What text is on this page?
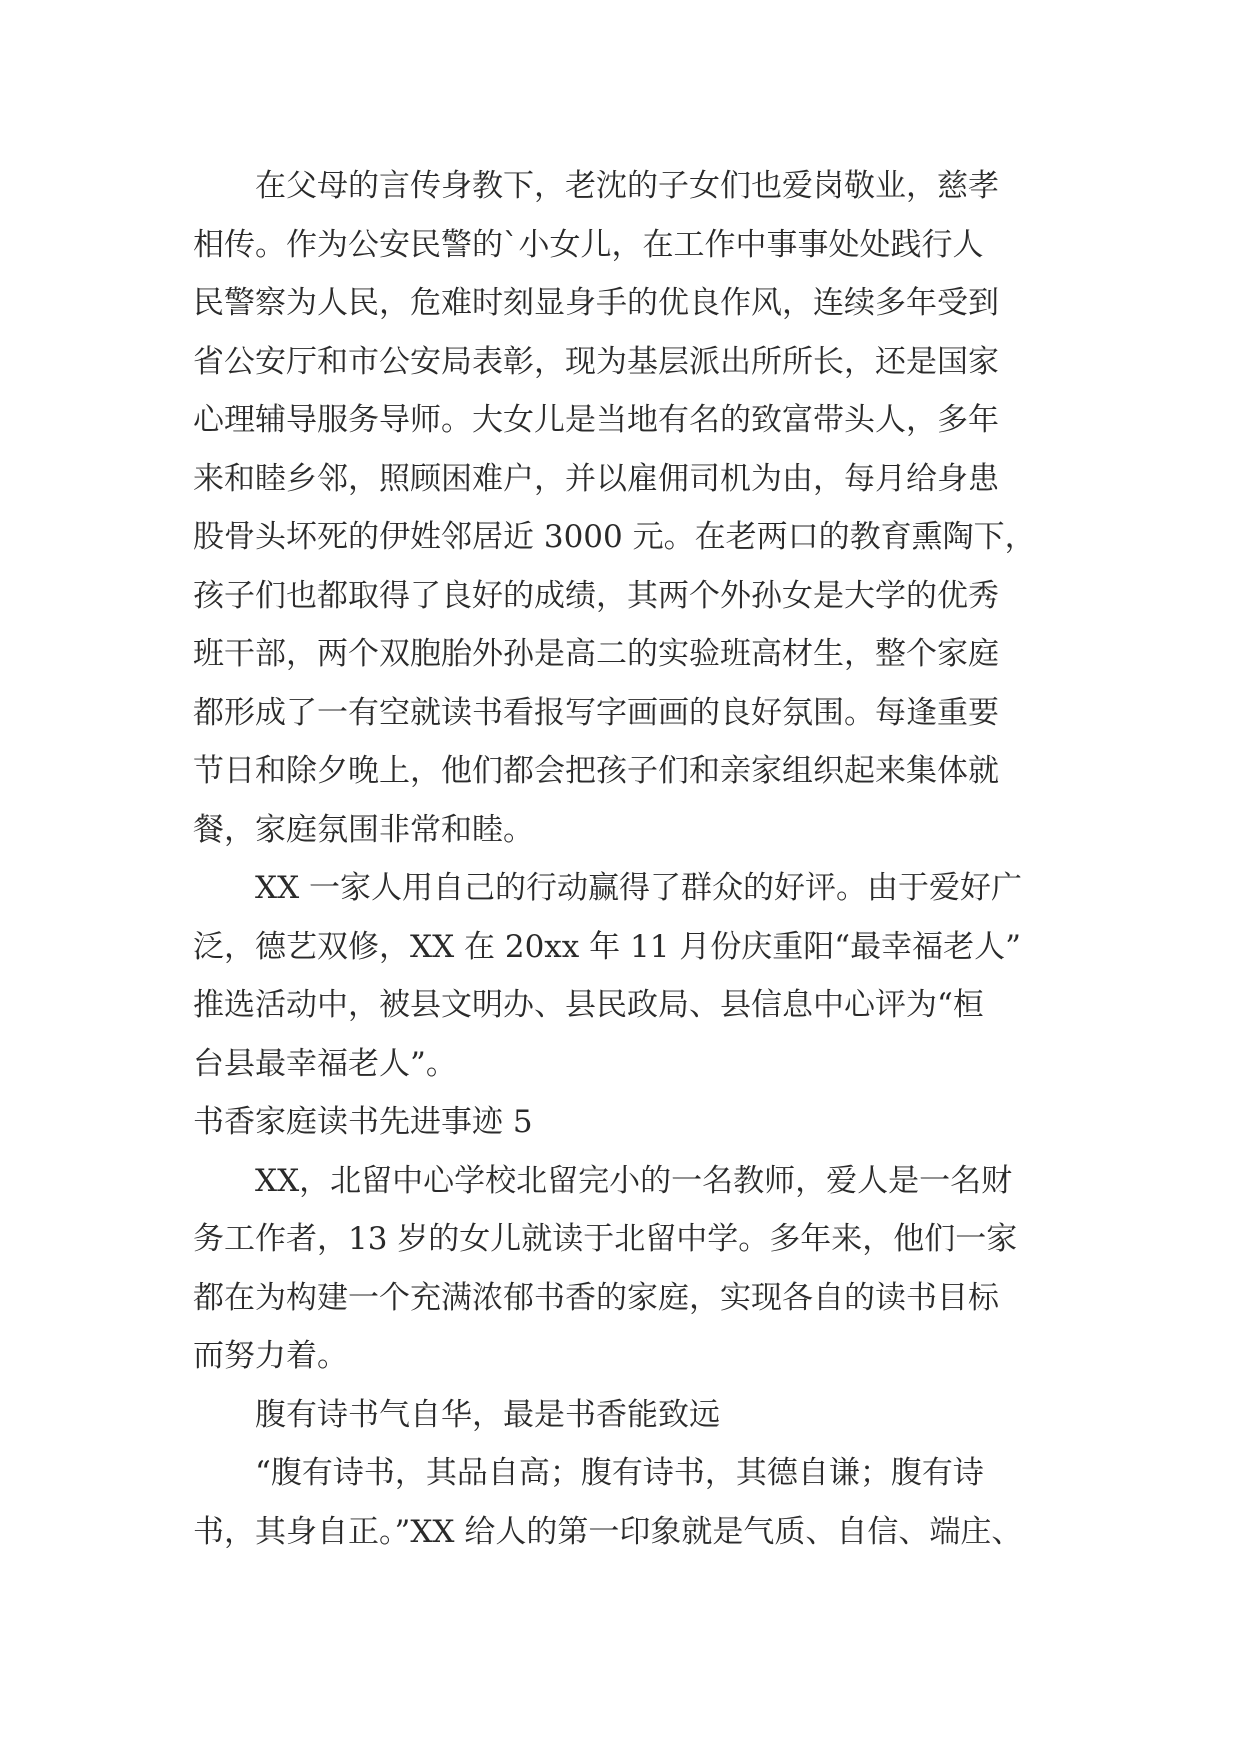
在父母的言传身教下，老沈的子女们也爱岗敬业，慈孝
相传。作为公安民警的`小女儿，在工作中事事处处践行人
民警察为人民，危难时刻显身手的优良作风，连续多年受到
省公安厅和市公安局表彰，现为基层派出所所长，还是国家
心理辅导服务导师。大女儿是当地有名的致富带头人，多年
来和睦乡邻，照顾困难户，并以雇佣司机为由，每月给身患
股骨头坏死的伊姓邻居近 3000 元。在老两口的教育熏陶下，
孩子们也都取得了良好的成绩，其两个外孙女是大学的优秀
班干部，两个双胞胎外孙是高二的实验班高材生，整个家庭
都形成了一有空就读书看报写字画画的良好氛围。每逢重要
节日和除夕晚上，他们都会把孩子们和亲家组织起来集体就
餐，家庭氛围非常和睦。
XX 一家人用自己的行动赢得了群众的好评。由于爱好广
泛，德艺双修，XX 在 20xx 年 11 月份庆重阳“最幸福老人”
推选活动中，被县文明办、县民政局、县信息中心评为“桓
台县最幸福老人”。
书香家庭读书先进事迹 5
XX，北留中心学校北留完小的一名教师，爱人是一名财
务工作者，13 岁的女儿就读于北留中学。多年来，他们一家
都在为构建一个充满浓郁书香的家庭，实现各自的读书目标
而努力着。
腹有诗书气自华，最是书香能致远
“腹有诗书，其品自高；腹有诗书，其德自谦；腹有诗
书，其身自正。”XX 给人的第一印象就是气质、自信、端庄、
